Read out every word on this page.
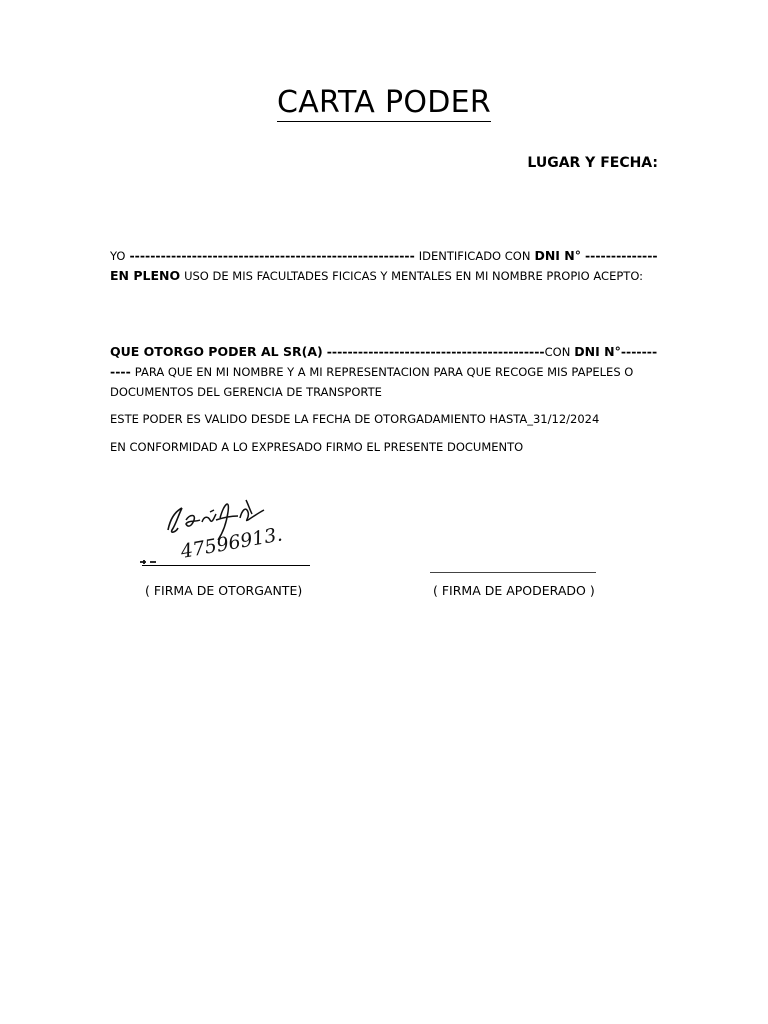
CARTA PODER
LUGAR Y FECHA:
YO ------------------------------------------------------- IDENTIFICADO CON DNI N° -------------- EN PLENO USO DE MIS FACULTADES FICICAS Y MENTALES EN MI NOMBRE PROPIO ACEPTO:
QUE OTORGO PODER AL SR(A) ------------------------------------------CON DNI N°----------- PARA QUE EN MI NOMBRE Y A MI REPRESENTACION PARA QUE RECOGE MIS PAPELES O DOCUMENTOS DEL GERENCIA DE TRANSPORTE
ESTE PODER ES VALIDO DESDE LA FECHA DE OTORGADAMIENTO HASTA_31/12/2024
EN CONFORMIDAD A LO EXPRESADO FIRMO EL PRESENTE DOCUMENTO
47596913.
( FIRMA DE OTORGANTE)	( FIRMA DE APODERADO )
